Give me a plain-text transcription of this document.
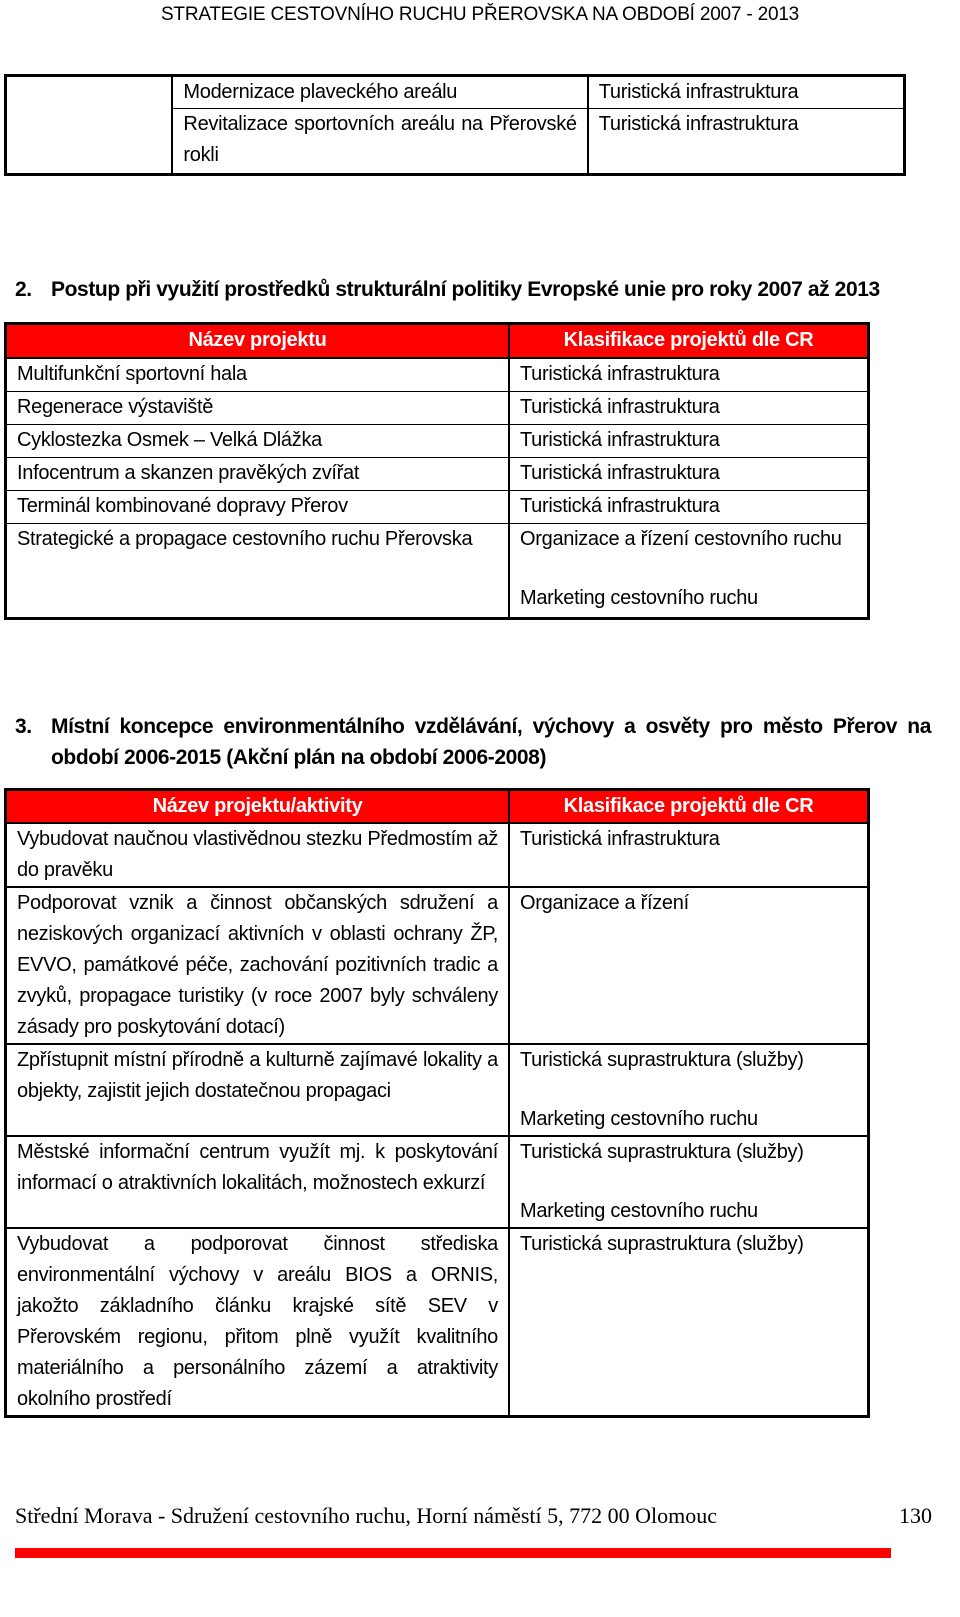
STRATEGIE CESTOVNÍHO RUCHU PŘEROVSKA NA OBDOBÍ 2007 - 2013
	Modernizace plaveckého areálu	Turistická infrastruktura
	Revitalizace sportovních areálu na Přerovské rokli	Turistická infrastruktura
2. Postup při využití prostředků strukturální politiky Evropské unie pro roky 2007 až 2013
Název projektu	Klasifikace projektů dle CR
Multifunkční sportovní hala	Turistická infrastruktura
Regenerace výstaviště	Turistická infrastruktura
Cyklostezka Osmek – Velká Dlážka	Turistická infrastruktura
Infocentrum a skanzen pravěkých zvířat	Turistická infrastruktura
Terminál kombinované dopravy Přerov	Turistická infrastruktura
Strategické a propagace cestovního ruchu Přerovska	Organizace a řízení cestovního ruchu
Marketing cestovního ruchu
3. Místní koncepce environmentálního vzdělávání, výchovy a osvěty pro město Přerov na období 2006-2015 (Akční plán na období 2006-2008)
Název projektu/aktivity	Klasifikace projektů dle CR
Vybudovat naučnou vlastivědnou stezku Předmostím až do pravěku	Turistická infrastruktura
Podporovat vznik a činnost občanských sdružení a neziskových organizací aktivních v oblasti ochrany ŽP, EVVO, památkové péče, zachování pozitivních tradic a zvyků, propagace turistiky (v roce 2007 byly schváleny zásady pro poskytování dotací)	Organizace a řízení
Zpřístupnit místní přírodně a kulturně zajímavé lokality a objekty, zajistit jejich dostatečnou propagaci	Turistická suprastruktura (služby)
Marketing cestovního ruchu
Městské informační centrum využít mj. k poskytování informací o atraktivních lokalitách, možnostech exkurzí	Turistická suprastruktura (služby)
Marketing cestovního ruchu
Vybudovat a podporovat činnost střediska environmentální výchovy v areálu BIOS a ORNIS, jakožto základního článku krajské sítě SEV v Přerovském regionu, přitom plně využít kvalitního materiálního a personálního zázemí a atraktivity okolního prostředí	Turistická suprastruktura (služby)
Střední Morava - Sdružení cestovního ruchu, Horní náměstí 5, 772 00 Olomouc	130
